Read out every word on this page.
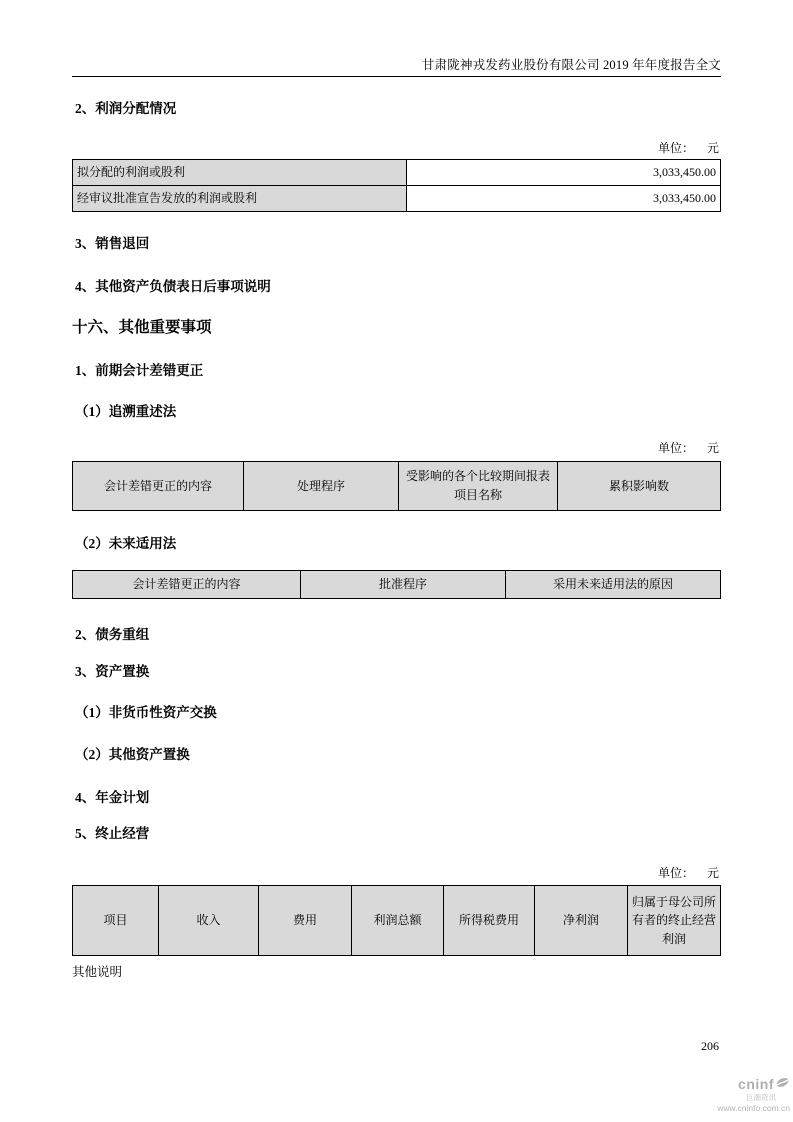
甘肃陇神戎发药业股份有限公司 2019 年年度报告全文
2、利润分配情况
单位： 元
拟分配的利润或股利	3,033,450.00
经审议批准宣告发放的利润或股利	3,033,450.00
3、销售退回
4、其他资产负债表日后事项说明
十六、其他重要事项
1、前期会计差错更正
（1）追溯重述法
单位： 元
会计差错更正的内容	处理程序	受影响的各个比较期间报表项目名称	累积影响数
（2）未来适用法
会计差错更正的内容	批准程序	采用未来适用法的原因
2、债务重组
3、资产置换
（1）非货币性资产交换
（2）其他资产置换
4、年金计划
5、终止经营
单位： 元
项目	收入	费用	利润总额	所得税费用	净利润	归属于母公司所有者的终止经营利润
其他说明
206
cninf
巨潮资讯
www.cninfo.com.cn
